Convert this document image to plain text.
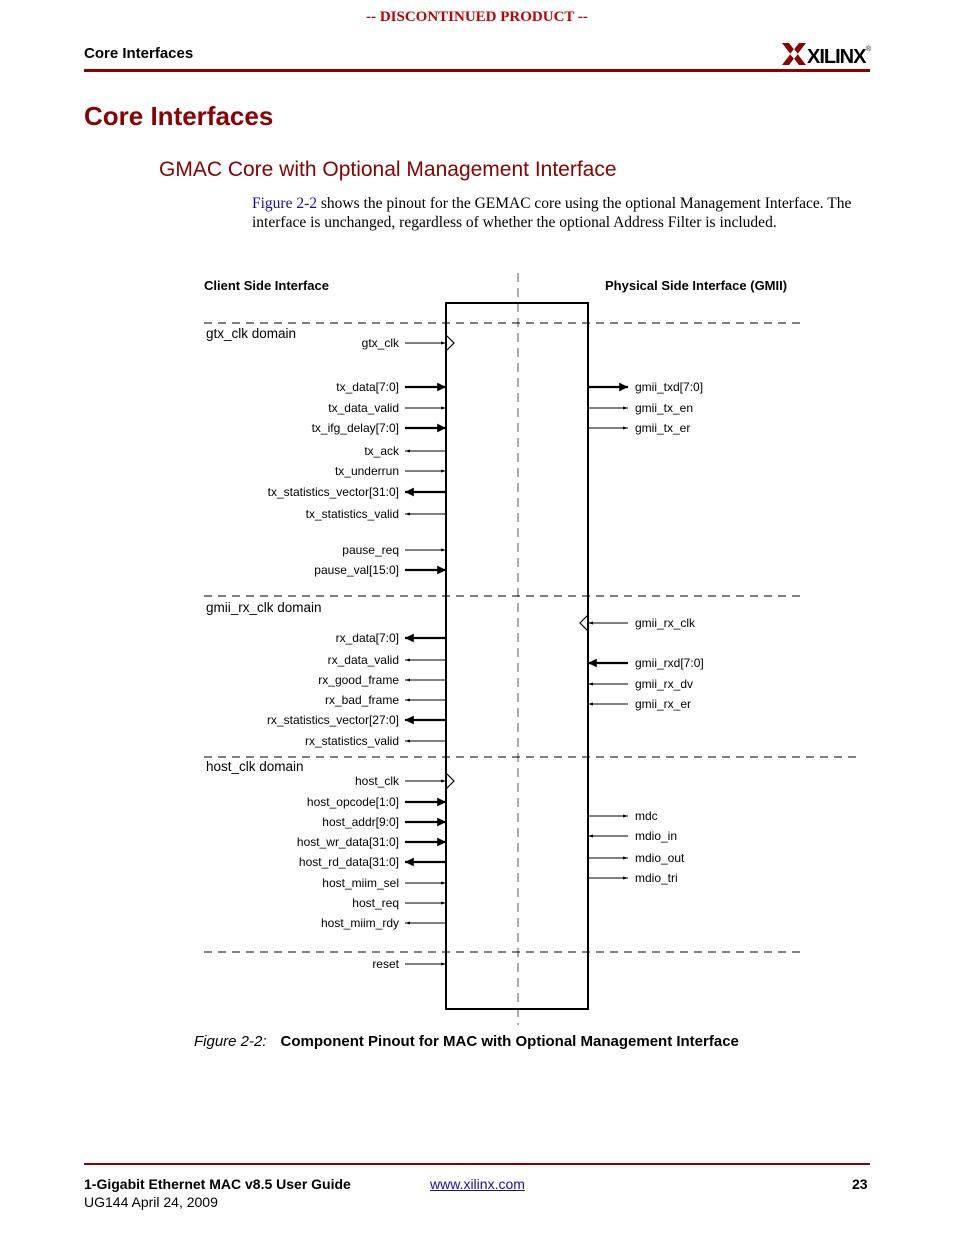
-- DISCONTINUED PRODUCT --
Core Interfaces	XILINX ®
Core Interfaces
GMAC Core with Optional Management Interface
Figure 2-2 shows the pinout for the GEMAC core using the optional Management Interface. The interface is unchanged, regardless of whether the optional Address Filter is included.
Client Side Interface	Physical Side Interface (GMII)
gtx_clk domain
gmii_rx_clk domain
host_clk domain
gtx_clk
tx_data[7:0]
tx_data_valid
tx_ifg_delay[7:0]
tx_ack
tx_underrun
tx_statistics_vector[31:0]
tx_statistics_valid
pause_req
pause_val[15:0]
rx_data[7:0]
rx_data_valid
rx_good_frame
rx_bad_frame
rx_statistics_vector[27:0]
rx_statistics_valid
host_clk
host_opcode[1:0]
host_addr[9:0]
host_wr_data[31:0]
host_rd_data[31:0]
host_miim_sel
host_req
host_miim_rdy
reset
gmii_txd[7:0]
gmii_tx_en
gmii_tx_er
gmii_rx_clk
gmii_rxd[7:0]
gmii_rx_dv
gmii_rx_er
mdc
mdio_in
mdio_out
mdio_tri
Figure 2-2: Component Pinout for MAC with Optional Management Interface
1-Gigabit Ethernet MAC v8.5 User Guide
UG144 April 24, 2009
www.xilinx.com	23
